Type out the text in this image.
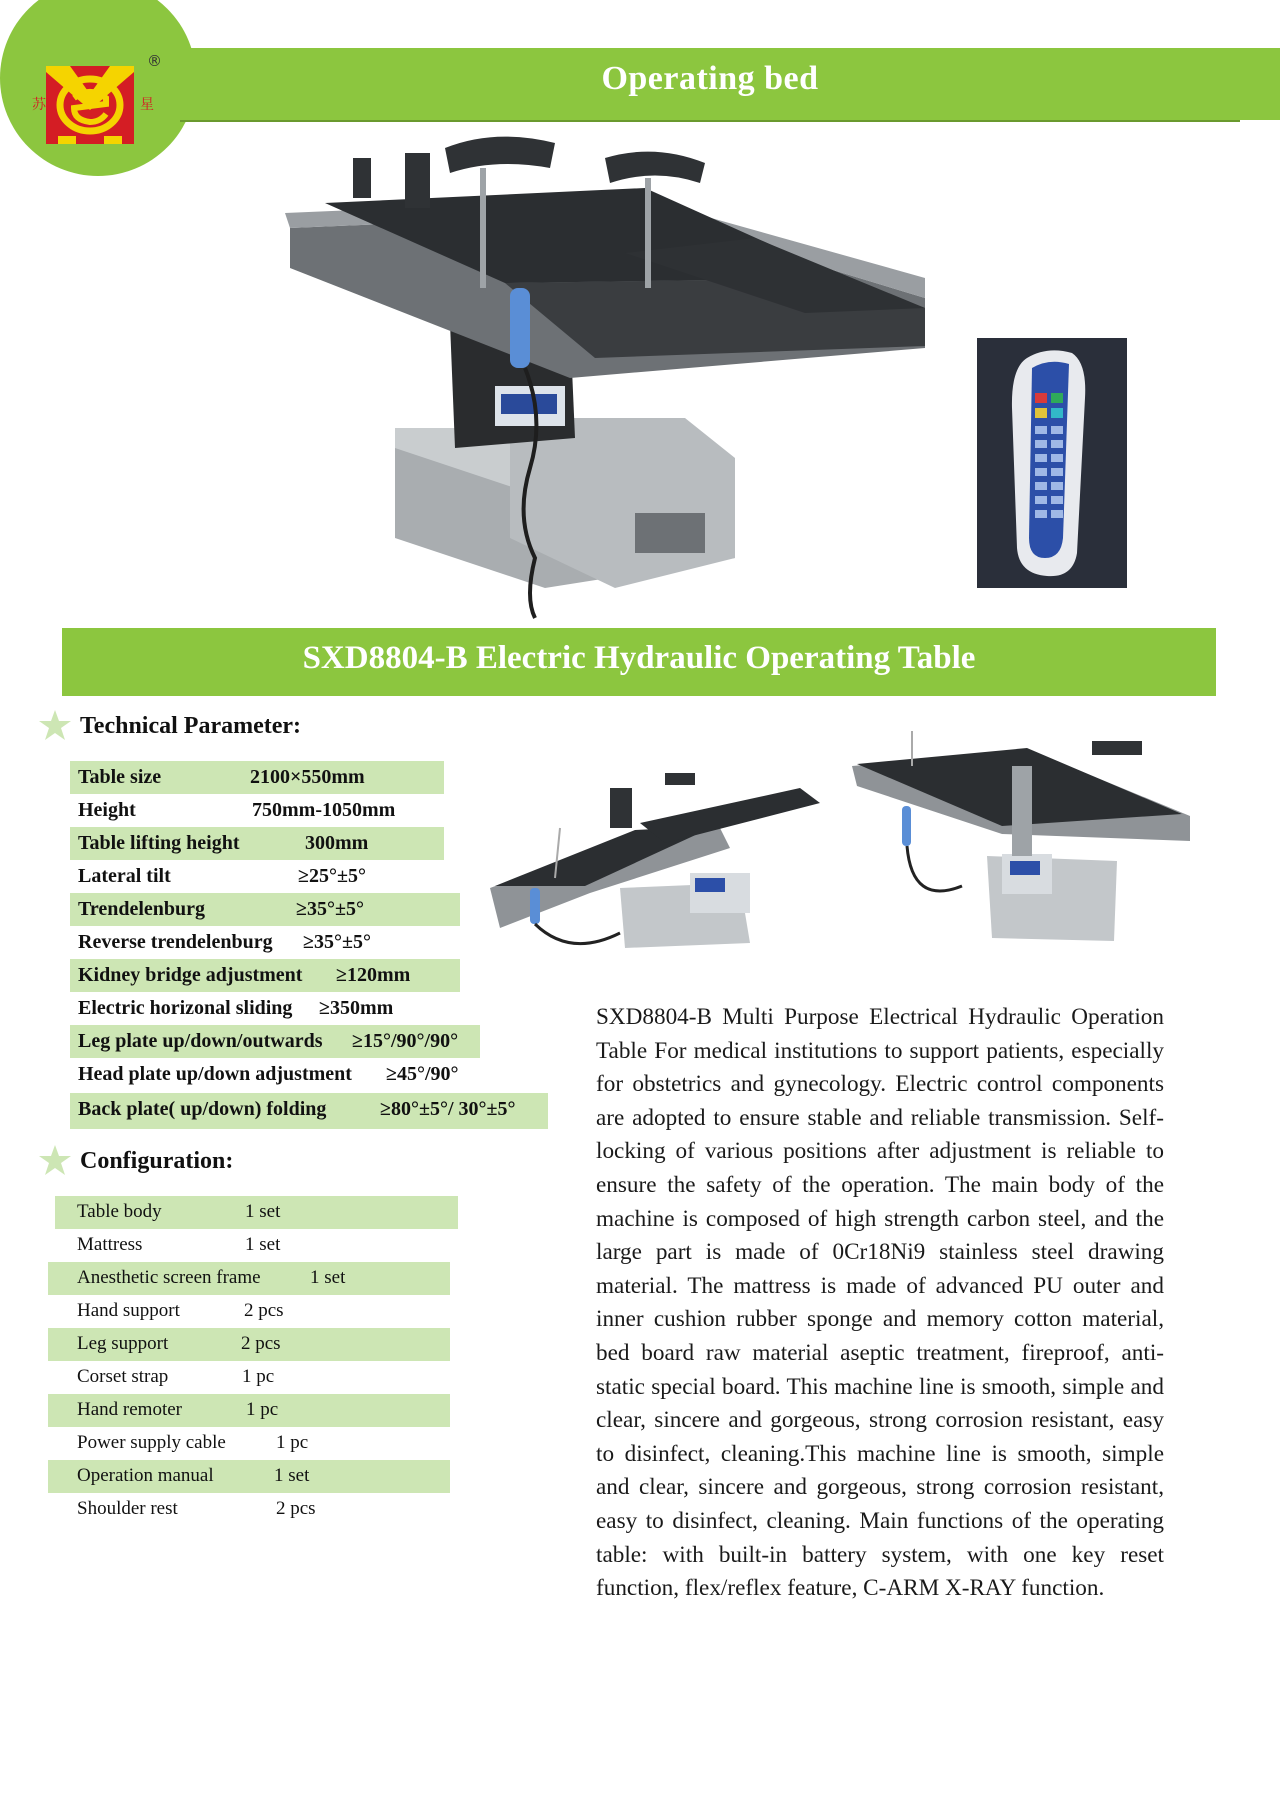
苏	星
®	Operating bed
SXD8804-B Electric Hydraulic Operating Table
Technical Parameter:
Table size	2100×550mm
Height	750mm-1050mm
Table lifting height	300mm
Lateral tilt	≥25°±5°
Trendelenburg	≥35°±5°
Reverse trendelenburg ≥35°±5°
Kidney bridge adjustment ≥120mm
Electric horizonal sliding ≥350mm
Leg plate up/down/outwards ≥15°/90°/90°
Head plate up/down adjustment ≥45°/90°
Back plate( up/down) folding	≥80°±5°/ 30°±5°
Configuration:
Table body	1 set
Mattress	1 set
Anesthetic screen frame	1 set
Hand support	2 pcs
Leg support	2 pcs
Corset strap	1 pc
Hand remoter	1 pc
Power supply cable	1 pc
Operation manual	1 set
Shoulder rest	2 pcs
SXD8804-B Multi Purpose Electrical Hydraulic Operation Table For medical institutions to support patients, especially for obstetrics and gynecology. Electric control components are adopted to ensure stable and reliable transmission. Self-locking of various positions after adjustment is reliable to ensure the safety of the operation. The main body of the machine is composed of high strength carbon steel, and the large part is made of 0Cr18Ni9 stainless steel drawing material. The mattress is made of advanced PU outer and inner cushion rubber sponge and memory cotton material, bed board raw material aseptic treatment, fireproof, anti-static special board. This machine line is smooth, simple and clear, sincere and gorgeous, strong corrosion resistant, easy to disinfect, cleaning.This machine line is smooth, simple and clear, sincere and gorgeous, strong corrosion resistant, easy to disinfect, cleaning. Main functions of the operating table: with built-in battery system, with one key reset function, flex/reflex feature, C-ARM X-RAY function.
